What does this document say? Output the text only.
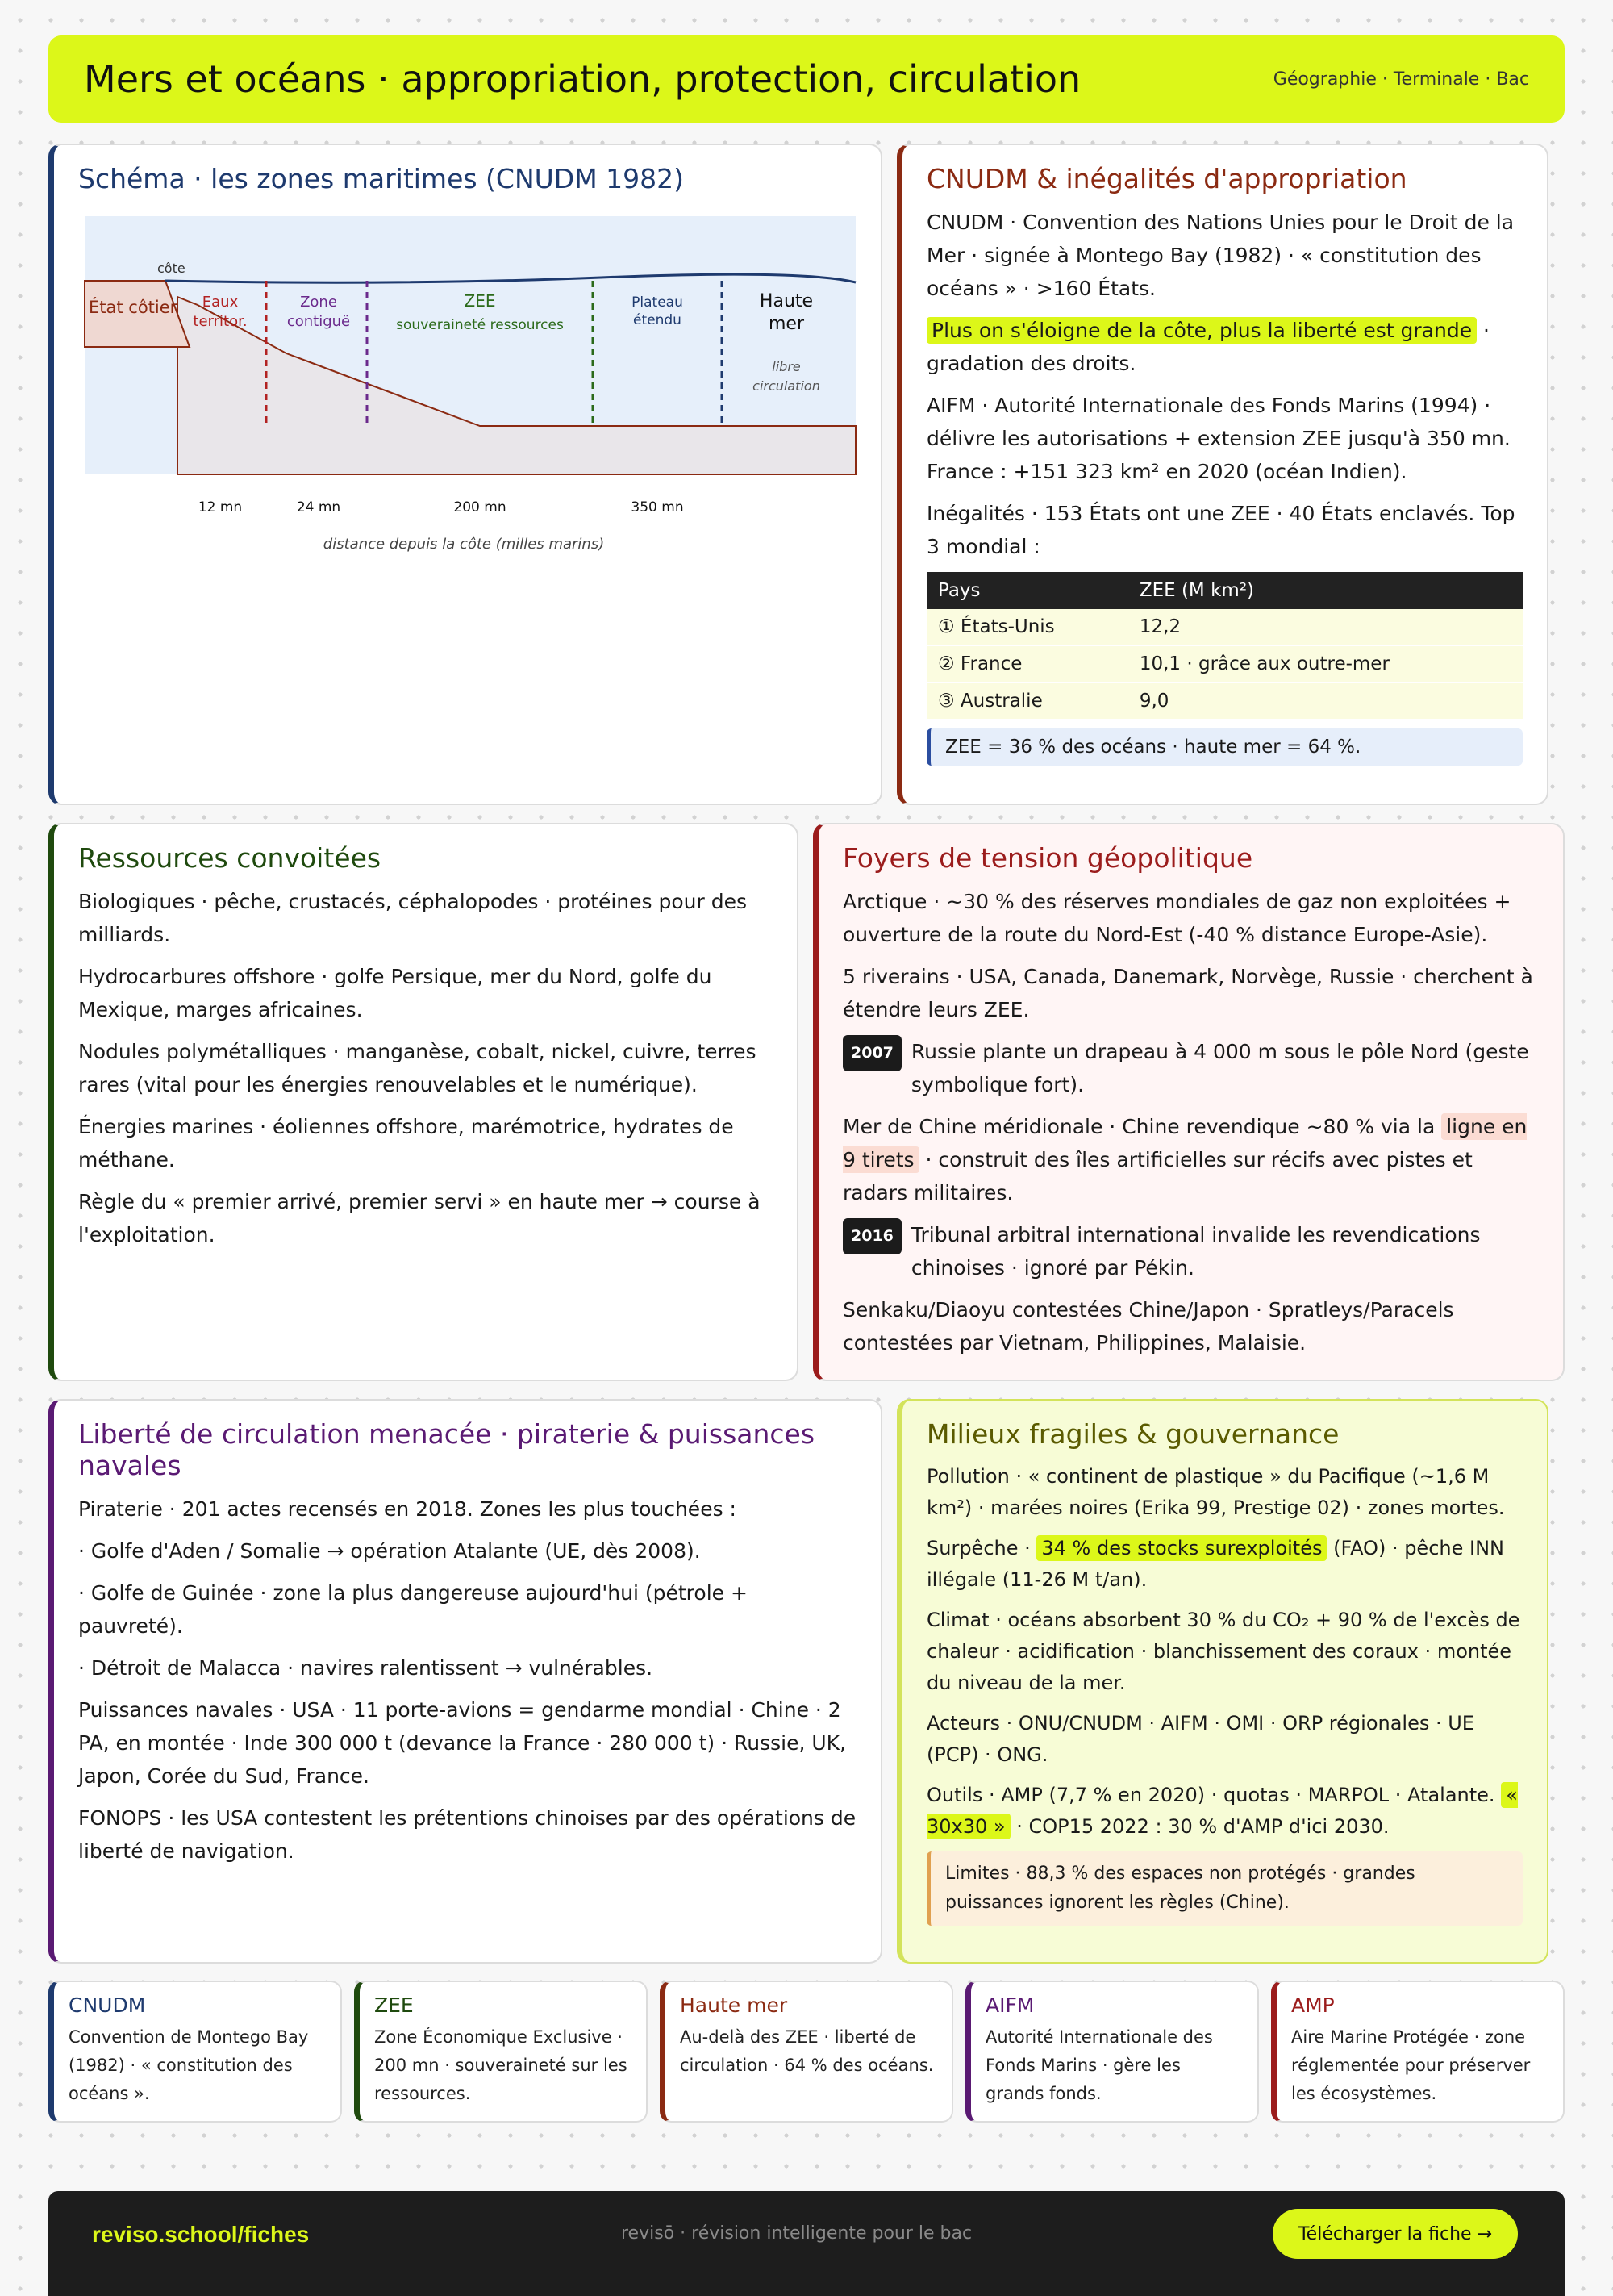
Mers et océans · appropriation, protection, circulation	Géographie · Terminale · Bac
Schéma · les zones maritimes (CNUDM 1982)
côte
État côtier Eaux
territor.
Zone
contiguë
ZEE
souveraineté ressources
Plateau
étendu
Haute
mer
libre
circulation
12 mn	24 mn	200 mn	350 mn
distance depuis la côte (milles marins)
CNUDM & inégalités d'appropriation

CNUDM · Convention des Nations Unies pour le Droit de la Mer · signée à Montego Bay (1982) · « constitution des océans » · >160 États.

Plus on s'éloigne de la côte, plus la liberté est grande · gradation des droits.

AIFM · Autorité Internationale des Fonds Marins (1994) · délivre les autorisations + extension ZEE jusqu'à 350 mn. France : +151 323 km² en 2020 (océan Indien).

Inégalités · 153 États ont une ZEE · 40 États enclavés. Top 3 mondial :

Pays	ZEE (M km²)
① États-Unis	12,2
② France	10,1 · grâce aux outre-mer
③ Australie	9,0
ZEE = 36 % des océans · haute mer = 64 %.
Ressources convoitées

Biologiques · pêche, crustacés, céphalopodes · protéines pour des milliards.

Hydrocarbures offshore · golfe Persique, mer du Nord, golfe du Mexique, marges africaines.

Nodules polymétalliques · manganèse, cobalt, nickel, cuivre, terres rares (vital pour les énergies renouvelables et le numérique).

Énergies marines · éoliennes offshore, marémotrice, hydrates de méthane.

Règle du « premier arrivé, premier servi » en haute mer → course à l'exploitation.

Foyers de tension géopolitique

Arctique · ~30 % des réserves mondiales de gaz non exploitées + ouverture de la route du Nord-Est (-40 % distance Europe-Asie).

5 riverains · USA, Canada, Danemark, Norvège, Russie · cherchent à étendre leurs ZEE.

2007 Russie plante un drapeau à 4 000 m sous le pôle Nord (geste symbolique fort).

Mer de Chine méridionale · Chine revendique ~80 % via la ligne en 9 tirets · construit des îles artificielles sur récifs avec pistes et radars militaires.

2016 Tribunal arbitral international invalide les revendications chinoises · ignoré par Pékin.

Senkaku/Diaoyu contestées Chine/Japon · Spratleys/Paracels contestées par Vietnam, Philippines, Malaisie.

Liberté de circulation menacée · piraterie & puissances navales

Piraterie · 201 actes recensés en 2018. Zones les plus touchées :

· Golfe d'Aden / Somalie → opération Atalante (UE, dès 2008).

· Golfe de Guinée · zone la plus dangereuse aujourd'hui (pétrole + pauvreté).

· Détroit de Malacca · navires ralentissent → vulnérables.

Puissances navales · USA · 11 porte-avions = gendarme mondial · Chine · 2 PA, en montée · Inde 300 000 t (devance la France · 280 000 t) · Russie, UK, Japon, Corée du Sud, France.

FONOPS · les USA contestent les prétentions chinoises par des opérations de liberté de navigation.

Milieux fragiles & gouvernance

Pollution · « continent de plastique » du Pacifique (~1,6 M km²) · marées noires (Erika 99, Prestige 02) · zones mortes.

Surpêche · 34 % des stocks surexploités (FAO) · pêche INN illégale (11-26 M t/an).

Climat · océans absorbent 30 % du CO₂ + 90 % de l'excès de chaleur · acidification · blanchissement des coraux · montée du niveau de la mer.

Acteurs · ONU/CNUDM · AIFM · OMI · ORP régionales · UE (PCP) · ONG.

Outils · AMP (7,7 % en 2020) · quotas · MARPOL · Atalante. « 30x30 » · COP15 2022 : 30 % d'AMP d'ici 2030.

Limites · 88,3 % des espaces non protégés · grandes puissances ignorent les règles (Chine).
CNUDM
Convention de Montego Bay (1982) · « constitution des océans ».
ZEE
Zone Économique Exclusive · 200 mn · souveraineté sur les ressources.
Haute mer
Au-delà des ZEE · liberté de circulation · 64 % des océans.
AIFM
Autorité Internationale des Fonds Marins · gère les grands fonds.
AMP
Aire Marine Protégée · zone réglementée pour préserver les écosystèmes.
reviso.school/fiches	revisō · révision intelligente pour le bac	Télécharger la fiche →
